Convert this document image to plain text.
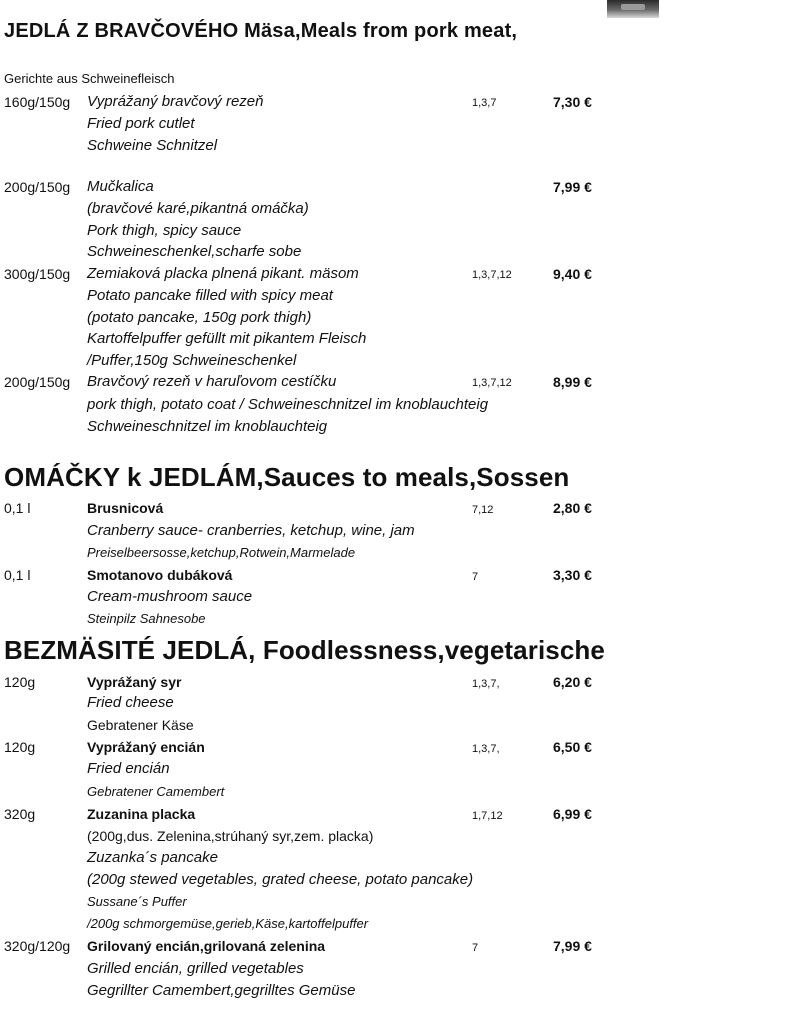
JEDLÁ Z BRAVČOVÉHO Mäsa,Meals from pork meat,
Gerichte aus Schweinefleisch
160g/150g Vyprážaný bravčový rezeň
Fried pork cutlet
Schweine Schnitzel
1,3,7	7,30 €
200g/150g Mučkalica
(bravčové karé,pikantná omáčka)
Pork thigh, spicy sauce
Schweineschenkel,scharfe sobe
7,99 €
300g/150g Zemiaková placka plnená pikant. mäsom
Potato pancake filled with spicy meat
(potato pancake, 150g pork thigh)
Kartoffelpuffer gefüllt mit pikantem Fleisch
/Puffer,150g Schweineschenkel
1,3,7,12	9,40 €
200g/150g Bravčový rezeň v haruľovom cestíčku
pork thigh, potato coat / Schweineschnitzel im knoblauchteig
Schweineschnitzel im knoblauchteig
1,3,7,12	8,99 €
OMÁČKY k JEDLÁM,Sauces to meals,Sossen
0,1 l	Brusnicová
Cranberry sauce- cranberries, ketchup, wine, jam
Preiselbeersosse,ketchup,Rotwein,Marmelade
7,12	2,80 €
0,1 l	Smotanovo dubáková
Cream-mushroom sauce
Steinpilz Sahnesobe
7	3,30 €
BEZMÄSITÉ JEDLÁ, Foodlessness,vegetarische
120g	Vyprážaný syr
Fried cheese
Gebratener Käse
1,3,7,	6,20 €
120g	Vyprážaný encián
Fried encián
Gebratener Camembert
1,3,7,	6,50 €
320g	Zuzanina placka
(200g,dus. Zelenina,strúhaný syr,zem. placka)
Zuzanka´s pancake
(200g stewed vegetables, grated cheese, potato pancake)
Sussane´s Puffer
/200g schmorgemüse,gerieb,Käse,kartoffelpuffer
1,7,12	6,99 €
320g/120g Grilovaný encián,grilovaná zelenina
Grilled encián, grilled vegetables
Gegrillter Camembert,gegrilltes Gemüse
7	7,99 €
